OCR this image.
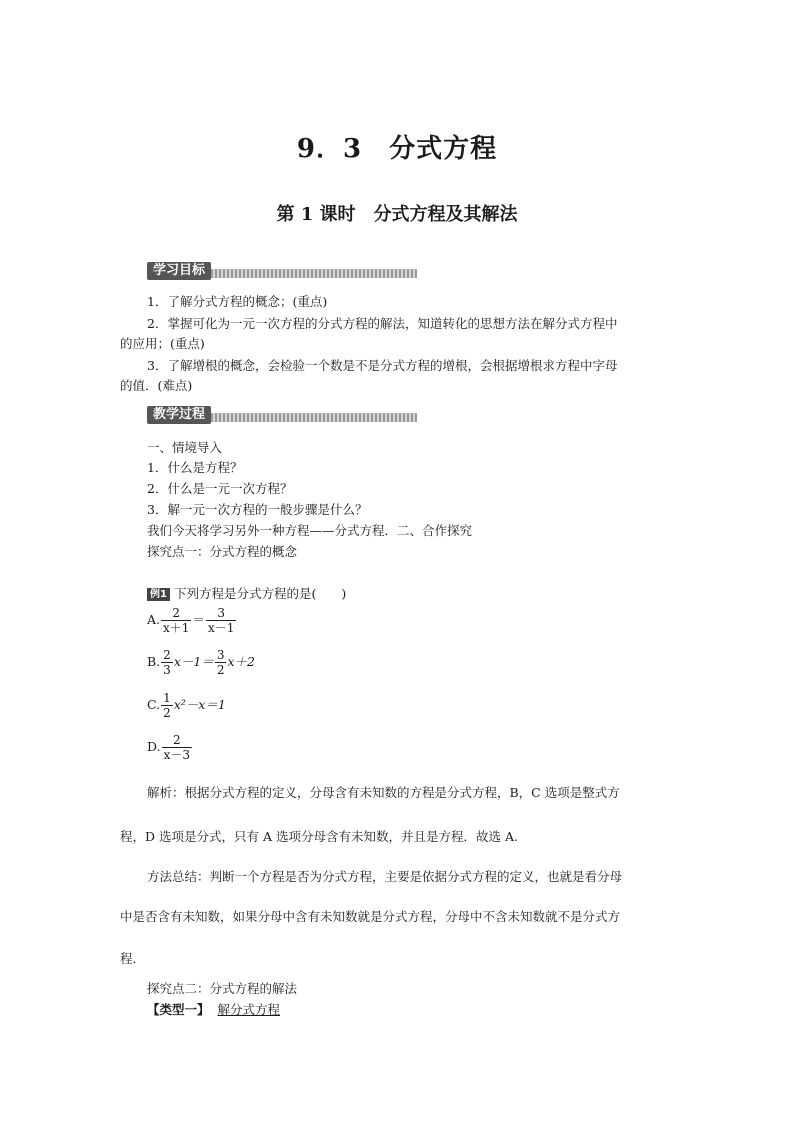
9．3　分式方程
第 1 课时　分式方程及其解法
学习目标
1．了解分式方程的概念；(重点)
2．掌握可化为一元一次方程的分式方程的解法，知道转化的思想方法在解分式方程中
的应用；(重点)
3．了解增根的概念，会检验一个数是不是分式方程的增根，会根据增根求方程中字母
的值．(难点)
教学过程
一、情境导入
1．什么是方程？
2．什么是一元一次方程？
3．解一元一次方程的一般步骤是什么？
我们今天将学习另外一种方程——分式方程．二、合作探究
探究点一：分式方程的概念
例1 下列方程是分式方程的是(　　)
A. $\frac{2}{x+1} = \frac{3}{x-1}$
B. $\frac{2}{3} x-1= \frac{3}{2} x+2$
C. $\frac{1}{2} x^2-x=1$
D. $\frac{2}{x-3}$
解析：根据分式方程的定义，分母含有未知数的方程是分式方程，B，C 选项是整式方
程，D 选项是分式，只有 A 选项分母含有未知数，并且是方程．故选 A.
方法总结：判断一个方程是否为分式方程，主要是依据分式方程的定义，也就是看分母
中是否含有未知数，如果分母中含有未知数就是分式方程，分母中不含未知数就不是分式方
程．
探究点二：分式方程的解法
【类型一】 解分式方程
